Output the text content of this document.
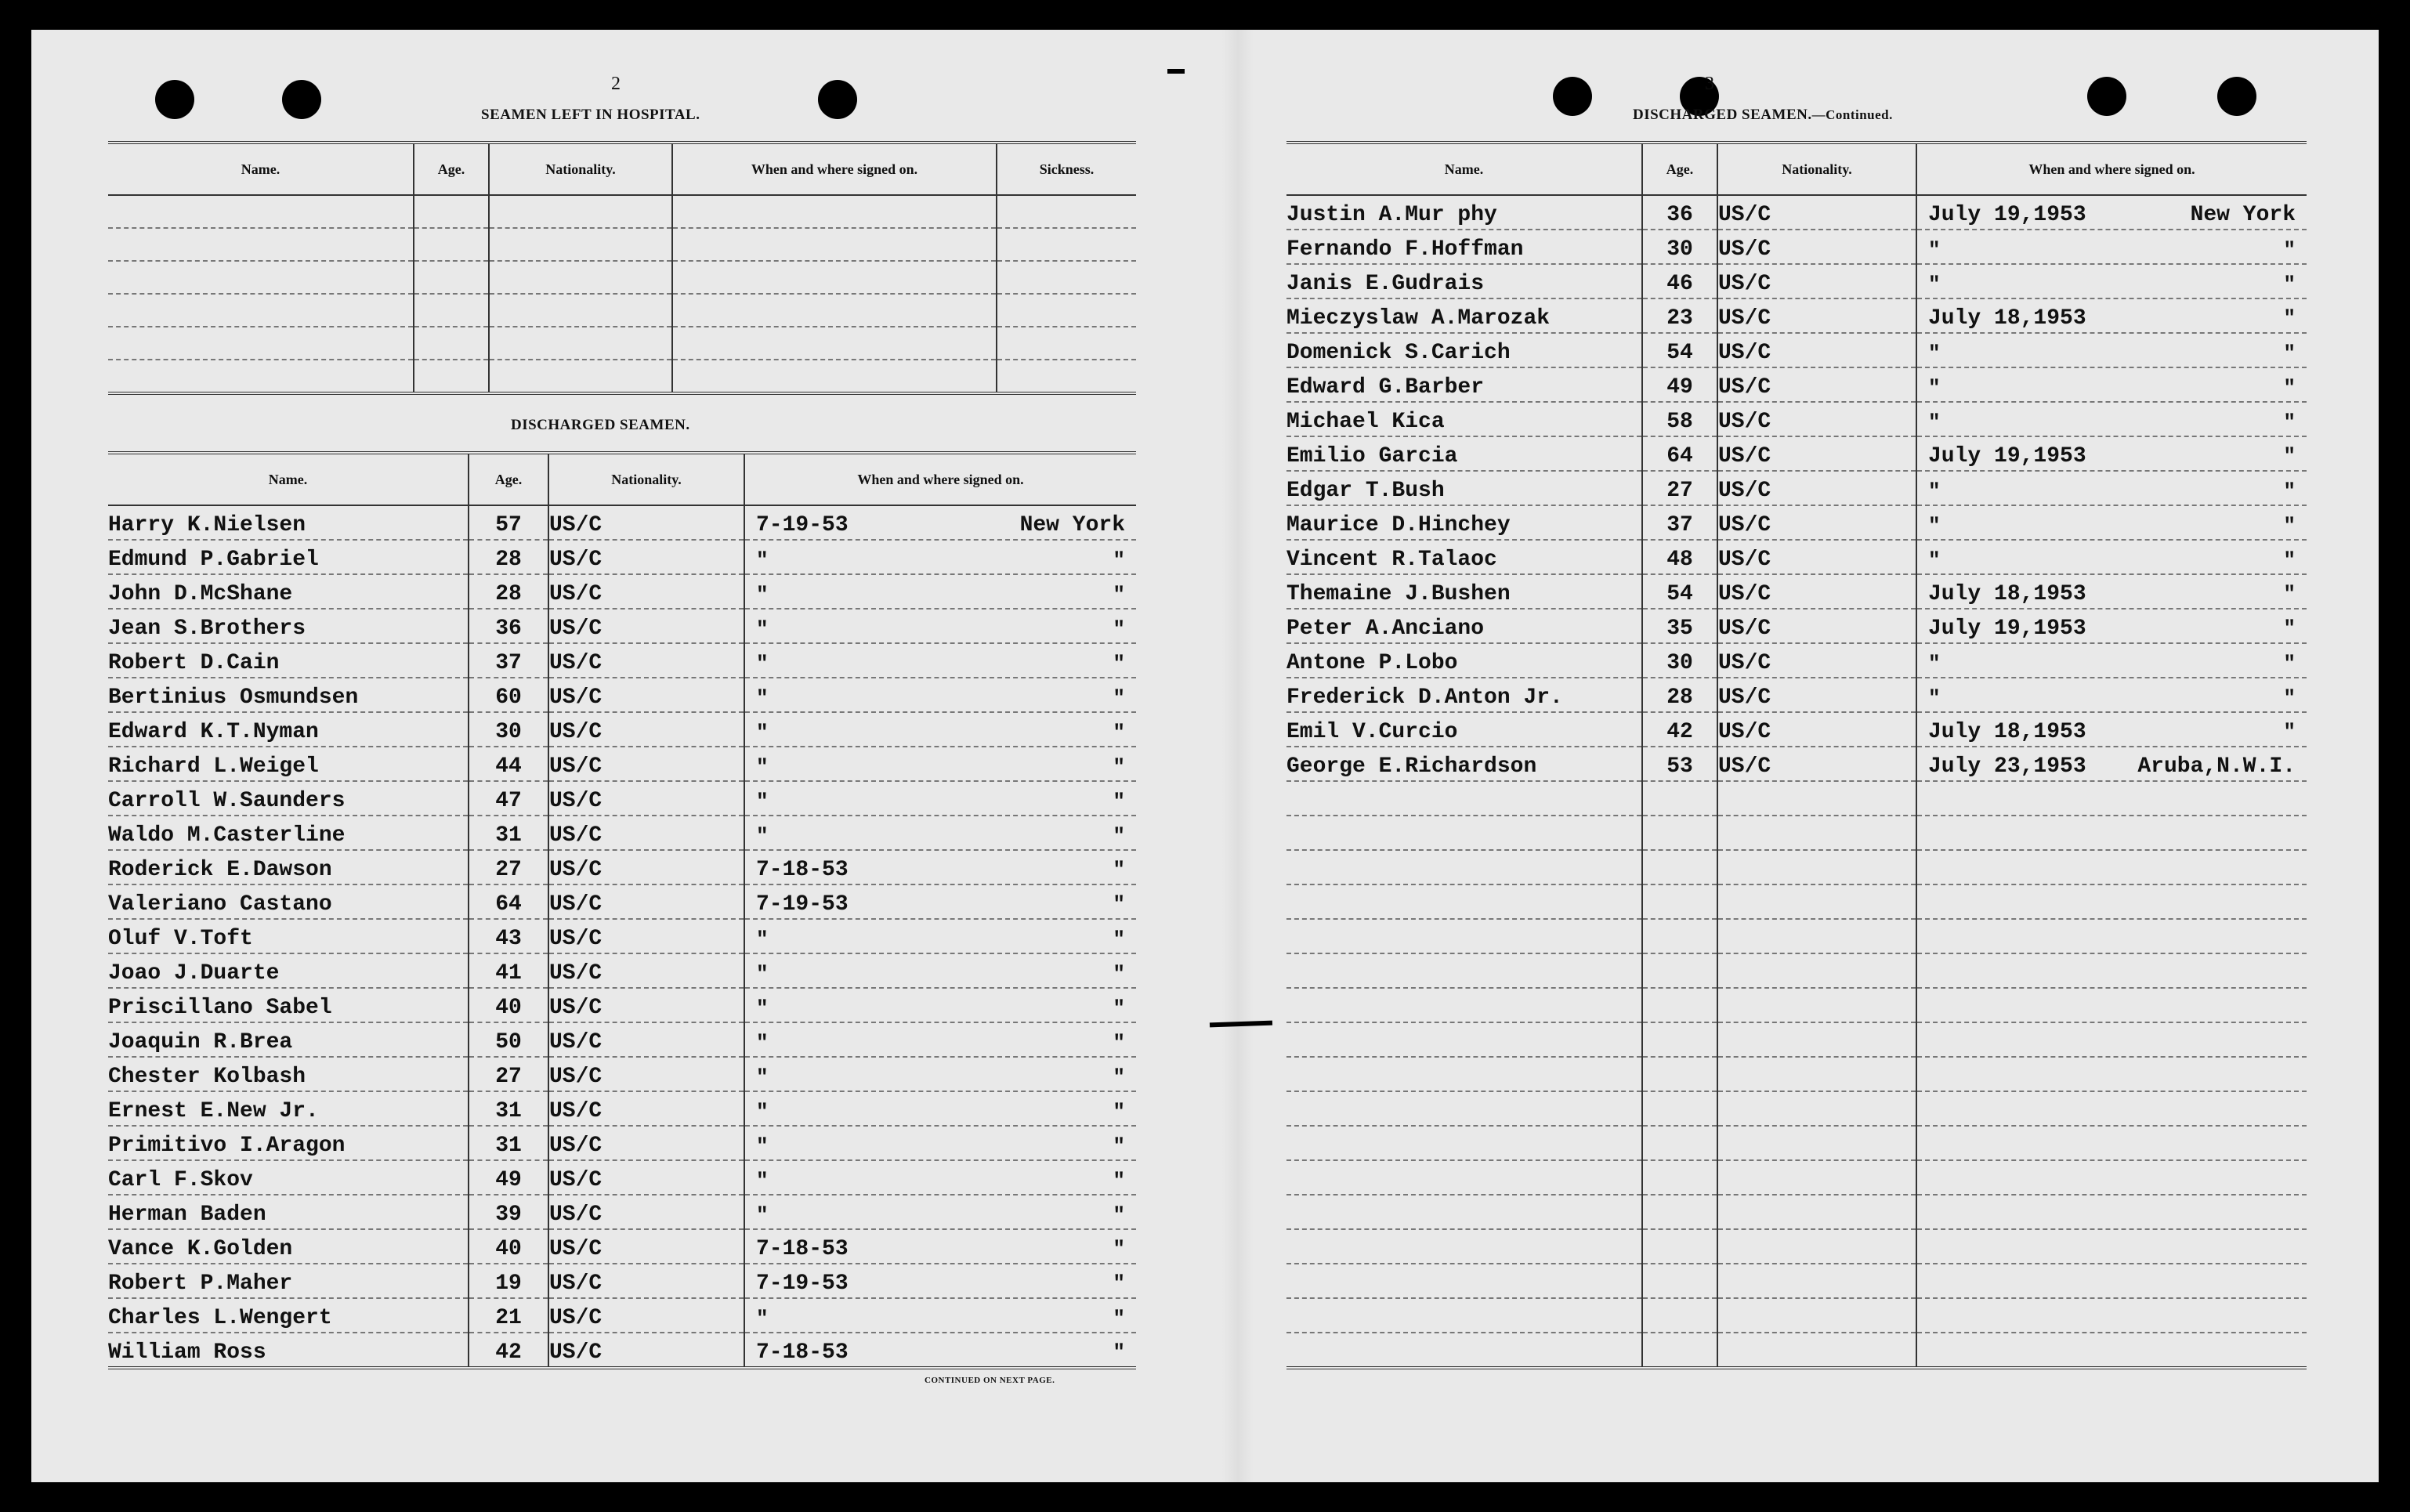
2
SEAMEN LEFT IN HOSPITAL.
Name.	Age.	Nationality.	When and where signed on.	Sickness.

DISCHARGED SEAMEN.
Name.	Age.	Nationality.	When and where signed on.
Harry K.Nielsen	57	US/C	7-19-53 New York

Edmund P.Gabriel	28	US/C	" "

John D.McShane	28	US/C	" "

Jean S.Brothers	36	US/C	" "

Robert D.Cain	37	US/C	" "

Bertinius Osmundsen	60	US/C	" "

Edward K.T.Nyman	30	US/C	" "

Richard L.Weigel	44	US/C	" "

Carroll W.Saunders	47	US/C	" "

Waldo M.Casterline	31	US/C	" "

Roderick E.Dawson	27	US/C	7-18-53 "

Valeriano Castano	64	US/C	7-19-53 "

Oluf V.Toft	43	US/C	" "

Joao J.Duarte	41	US/C	" "

Priscillano Sabel	40	US/C	" "

Joaquin R.Brea	50	US/C	" "

Chester Kolbash	27	US/C	" "

Ernest E.New Jr.	31	US/C	" "

Primitivo I.Aragon	31	US/C	" "

Carl F.Skov	49	US/C	" "

Herman Baden	39	US/C	" "

Vance K.Golden	40	US/C	7-18-53 "

Robert P.Maher	19	US/C	7-19-53 "

Charles L.Wengert	21	US/C	" "

William Ross	42	US/C	7-18-53 "
CONTINUED ON NEXT PAGE.
3
DISCHARGED SEAMEN.—Continued.
Name.	Age.	Nationality.	When and where signed on.
Justin A.Mur phy	36	US/C	July 19,1953 New York

Fernando F.Hoffman	30	US/C	" "

Janis E.Gudrais	46	US/C	" "

Mieczyslaw A.Marozak	23	US/C	July 18,1953 "

Domenick S.Carich	54	US/C	" "

Edward G.Barber	49	US/C	" "

Michael Kica	58	US/C	" "

Emilio Garcia	64	US/C	July 19,1953 "

Edgar T.Bush	27	US/C	" "

Maurice D.Hinchey	37	US/C	" "

Vincent R.Talaoc	48	US/C	" "

Themaine J.Bushen	54	US/C	July 18,1953 "

Peter A.Anciano	35	US/C	July 19,1953 "

Antone P.Lobo	30	US/C	" "

Frederick D.Anton Jr.	28	US/C	" "

Emil V.Curcio	42	US/C	July 18,1953 "

George E.Richardson	53	US/C	July 23,1953 Aruba,N.W.I.
